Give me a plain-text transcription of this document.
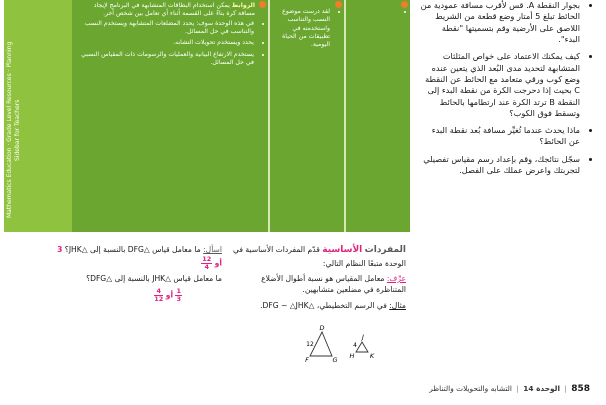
Mathematics Education · Grade Level Resources · Planning Sidebar for Teachers
الروابط يمكن استخدام البطاقات المتشابهة في البرنامج لإيجاد مسافة كرة بناءً على القسمة أثناء أي تعامل بين شخص آخر.
• في هذه الوحدة سوف: يحدد المضلعات المتشابهة ويستخدم النسب والتناسب في حل المسائل.
• يحدد ويستخدم تحويلات التشابه.
• يستخدم الارتفاع البيانية والعمليات والرسومات ذات المقياس النسبي في حل المسائل.
• لقد درست موضوع النسب والتناسب واستخدمته في تطبيقات من الحياة اليومية.
•
• بجوار النقطة A. قس لأقرب مسافة عمودية من الحائط تبلغ 5 أمتار وضع قطعة من الشريط اللاصق على الأرضية وقم بتسميتها "نقطة البدء".
• كيف يمكنك الاعتماد على خواص المثلثات المتشابهة لتحديد مدى البُعد الذي يتعين عنده وضع كوب ورقي متعامد مع الحائط عن النقطة C بحيث إذا دحرجت الكرة من نقطة البدء إلى النقطة B ترتد الكرة عند ارتطامها بالحائط وتسقط فوق الكوب؟
• ماذا يحدث عندما تُغيِّر مسافة بُعد نقطة البدء عن الحائط؟
• سجّل نتائجك، وقم بإعداد رسم مقياس تفصيلي لتجربتك واعرض عملك على الفصل.

المفردات الأساسية قدّم المفردات الأساسية في الوحدة متبعًا النظام التالي:

عرِّف: معامل المقياس هو نسبة أطوال الأضلاع المتناظرة في مضلعين متشابهين.

مثال: في الرسم التخطيطي، △DFG ~ △JHK.

اسأل: ما معامل قياس △DFG بالنسبة إلى △JHK؟ 3 أو
$\frac{12}{4}$

ما معامل قياس △JHK بالنسبة إلى △DFG؟

$\frac{1}{3}$
أو
$\frac{4}{12}$

D
F	G
12
J
H K
4
858 | الوحدة 14 | التشابه والتحويلات والتناظر
